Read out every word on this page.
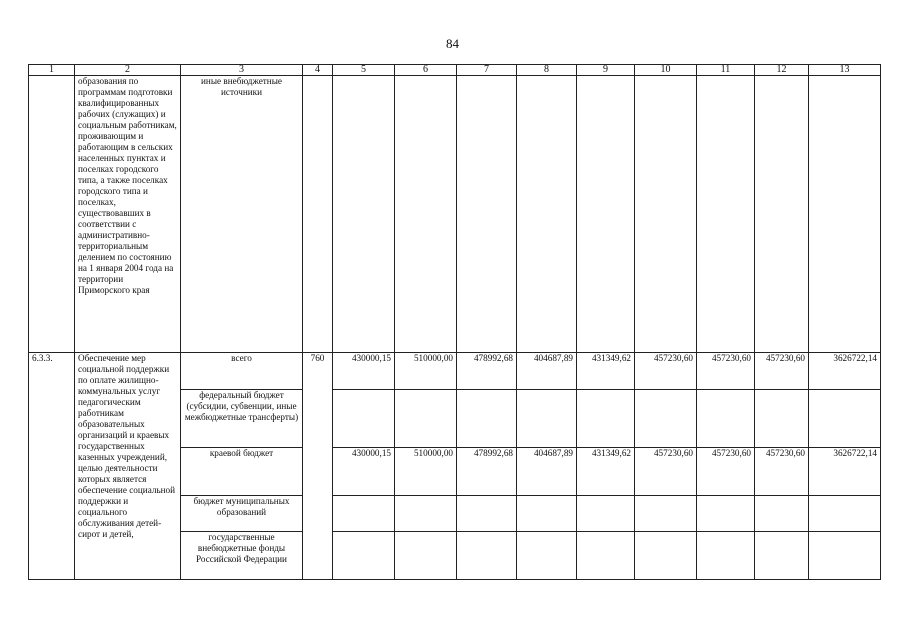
84
1	2	3	4	5	6	7	8	9	10	11	12	13
	образования по программам подготовки квалифицированных рабочих (служащих) и социальным работникам, проживающим и работающим в сельских населенных пунктах и поселках городского типа, а также поселках городского типа и поселках, существовавших в соответствии с административно-территориальным делением по состоянию на 1 января 2004 года на территории Приморского края	иные внебюджетные источники										
6.3.3.	Обеспечение мер социальной поддержки по оплате жилищно-коммунальных услуг педагогическим работникам образовательных организаций и краевых государственных казенных учреждений, целью деятельности которых является обеспечение социальной поддержки и социального обслуживания детей-сирот и детей,	всего	760	430000,15	510000,00	478992,68	404687,89	431349,62	457230,60	457230,60	457230,60	3626722,14
		федеральный бюджет (субсидии, субвенции, иные межбюджетные трансферты)										
		краевой бюджет		430000,15	510000,00	478992,68	404687,89	431349,62	457230,60	457230,60	457230,60	3626722,14
		бюджет муниципальных образований										
		государственные внебюджетные фонды Российской Федерации										
